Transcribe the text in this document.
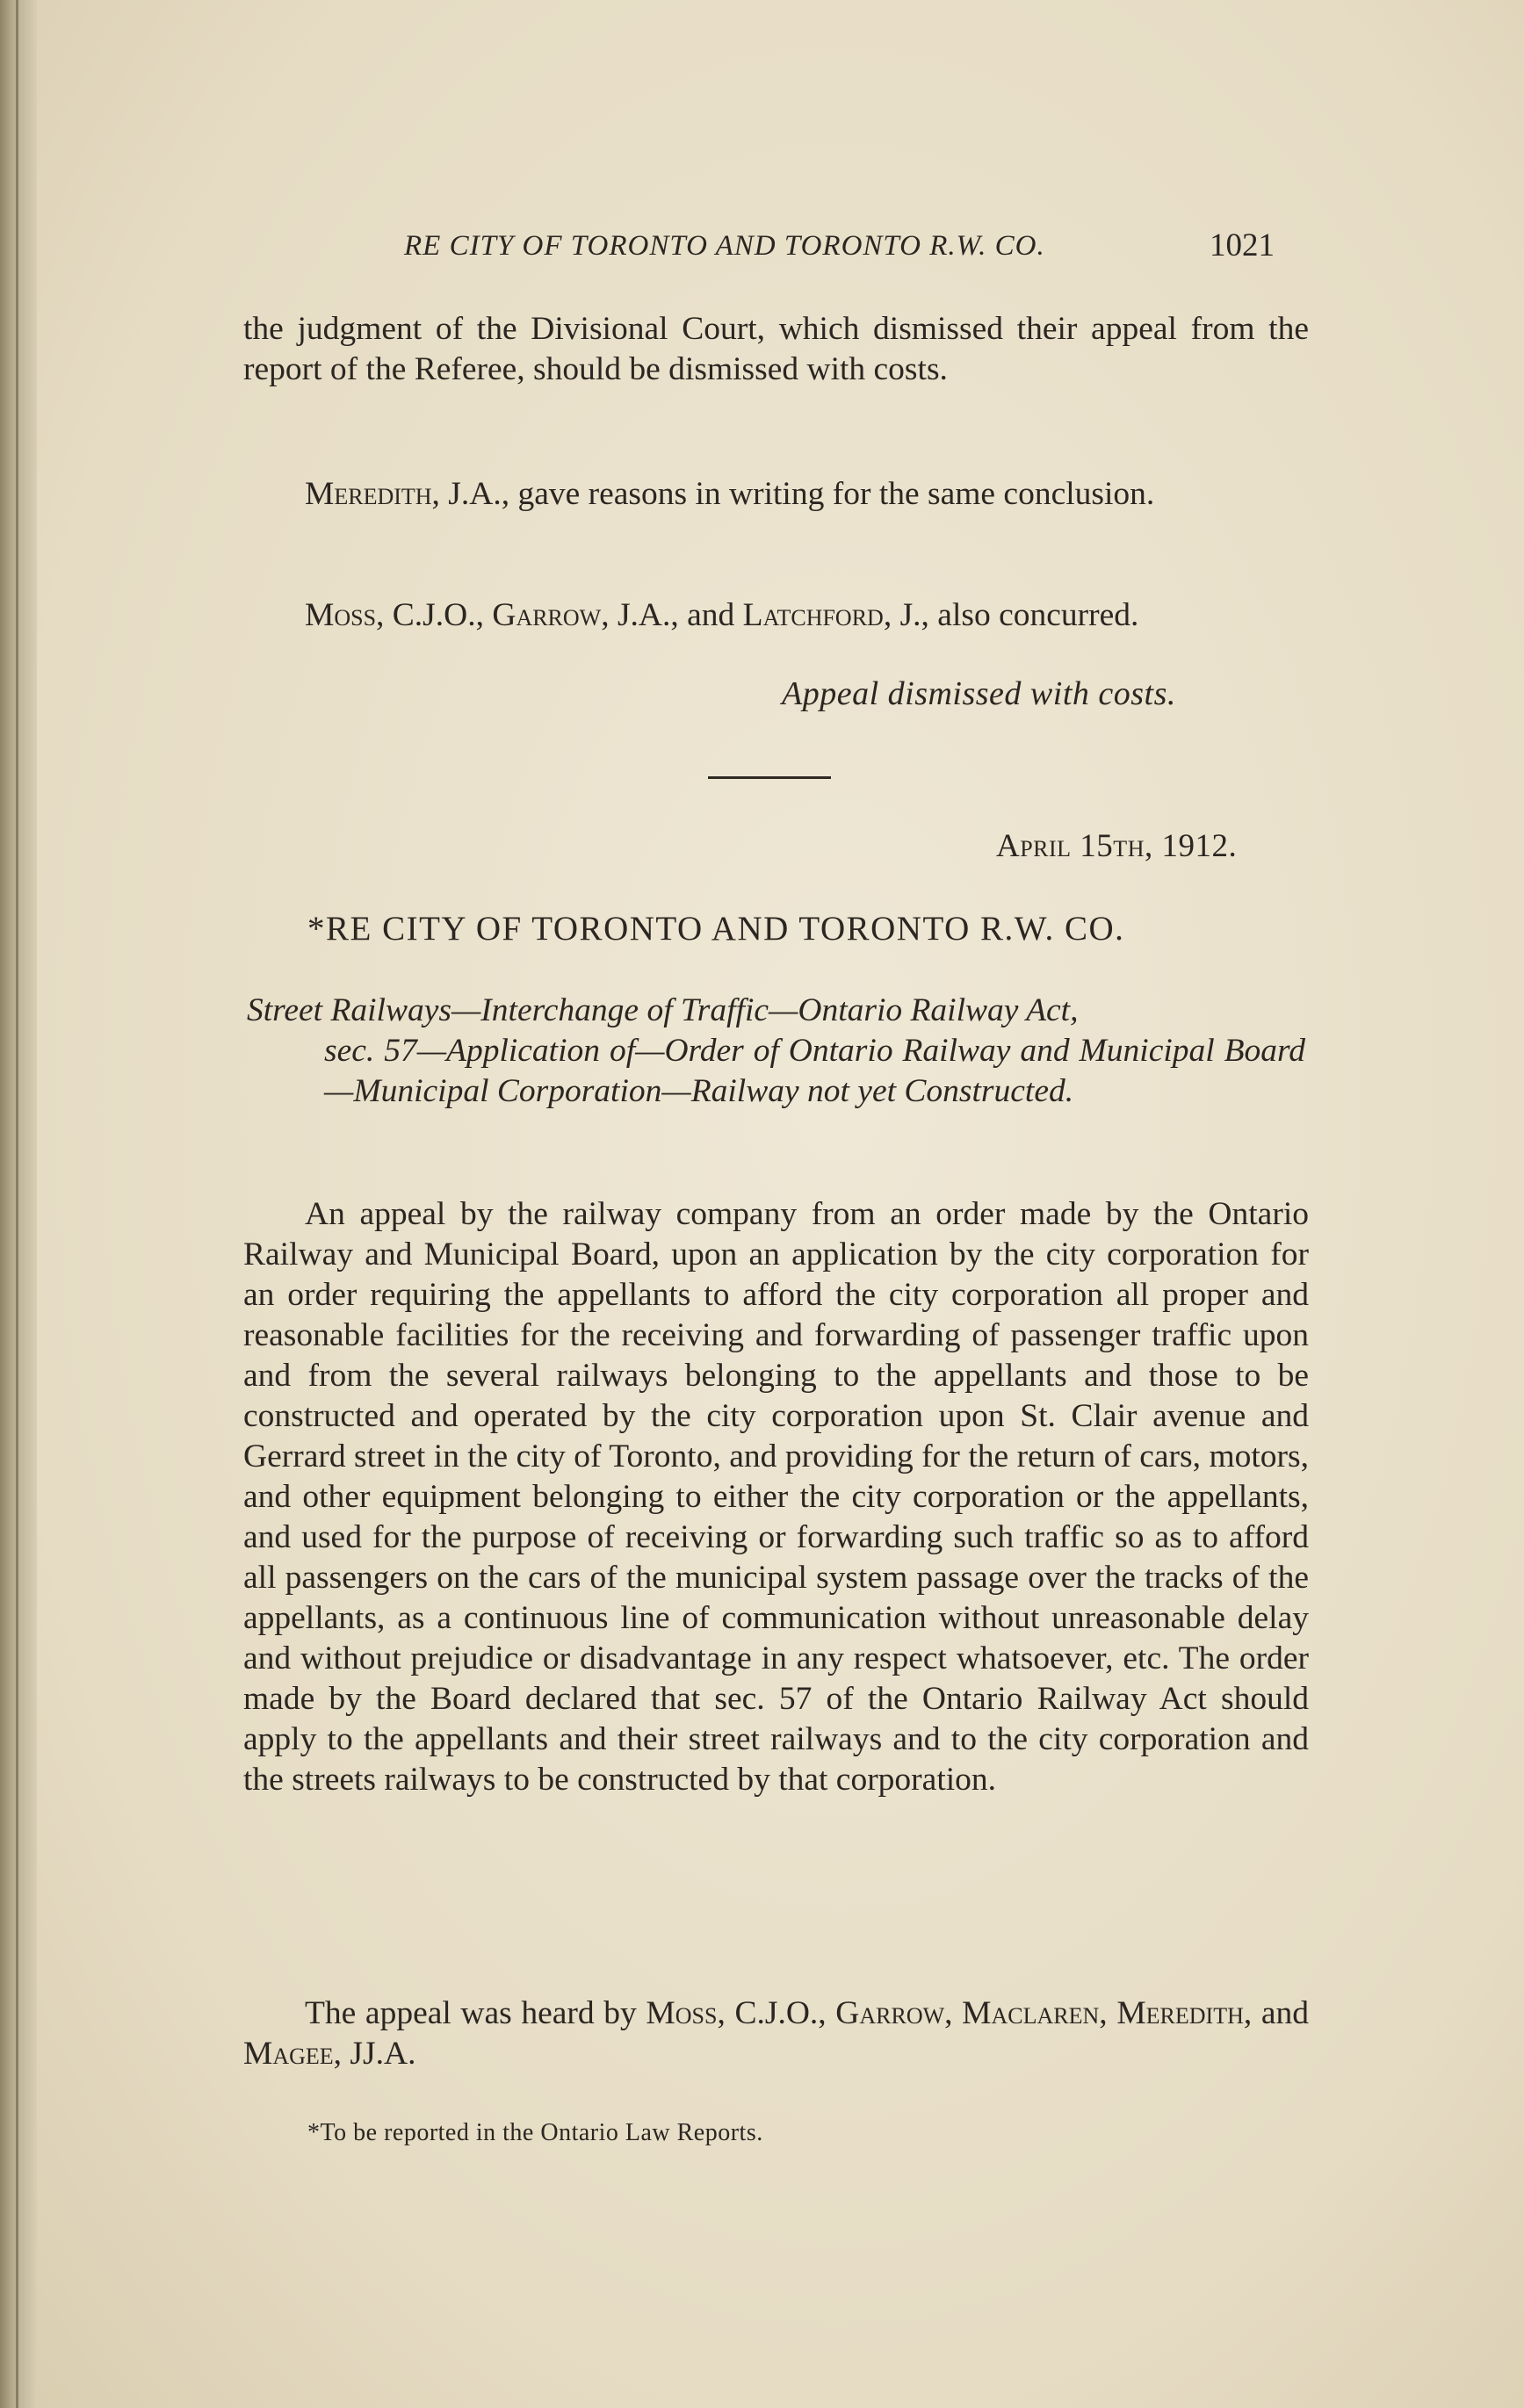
RE CITY OF TORONTO AND TORONTO R.W. CO.	1021
the judgment of the Divisional Court, which dismissed their appeal from the report of the Referee, should be dismissed with costs.
Meredith, J.A., gave reasons in writing for the same conclusion.
Moss, C.J.O., Garrow, J.A., and Latchford, J., also concurred.
Appeal dismissed with costs.
April 15th, 1912.
*RE CITY OF TORONTO AND TORONTO R.W. CO.
Street Railways—Interchange of Traffic—Ontario Railway Act,
sec. 57—Application of—Order of Ontario Railway and Municipal Board—Municipal Corporation—Railway not yet Constructed.
An appeal by the railway company from an order made by the Ontario Railway and Municipal Board, upon an application by the city corporation for an order requiring the appellants to afford the city corporation all proper and reasonable facilities for the receiving and forwarding of passenger traffic upon and from the several railways belonging to the appellants and those to be constructed and operated by the city corporation upon St. Clair avenue and Gerrard street in the city of Toronto, and providing for the return of cars, motors, and other equipment belonging to either the city corporation or the appellants, and used for the purpose of receiving or forwarding such traffic so as to afford all passengers on the cars of the municipal system passage over the tracks of the appellants, as a continuous line of communication without unreasonable delay and without prejudice or disadvantage in any respect whatsoever, etc. The order made by the Board declared that sec. 57 of the Ontario Railway Act should apply to the appellants and their street railways and to the city corporation and the streets railways to be constructed by that corporation.
The appeal was heard by Moss, C.J.O., Garrow, Maclaren, Meredith, and Magee, JJ.A.
*To be reported in the Ontario Law Reports.
